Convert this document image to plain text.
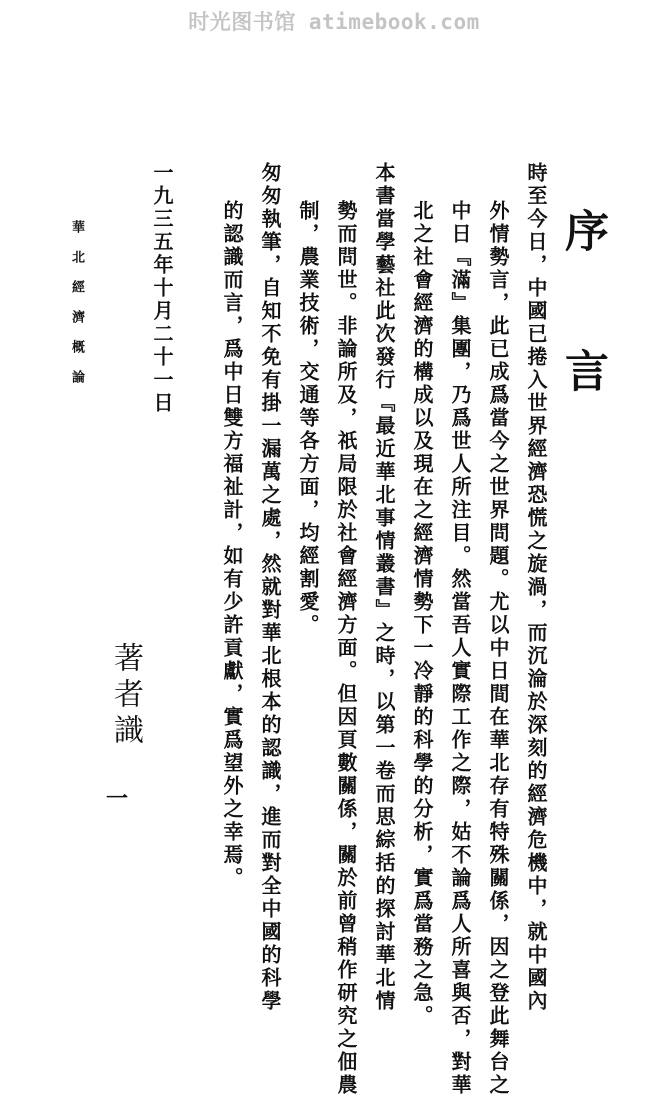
时光图书馆 atimebook.com
序　言
時至今日，中國已捲入世界經濟恐慌之旋渦，而沉淪於深刻的經濟危機中，就中國內
外情勢言，此已成爲當今之世界問題。尤以中日間在華北存有特殊關係，因之登此舞台之
中日『滿』集團，乃爲世人所注目。然當吾人實際工作之際，姑不論爲人所喜與否，對華
北之社會經濟的構成以及現在之經濟情勢下一冷靜的科學的分析，實爲當務之急。
本書當學藝社此次發行『最近華北事情叢書』之時，以第一卷而思綜括的探討華北情
勢而問世。非論所及，祇局限於社會經濟方面。但因頁數關係，關於前曾稍作研究之佃農
制，農業技術，交通等各方面，均經割愛。
匆匆執筆，自知不免有掛一漏萬之處，然就對華北根本的認識，進而對全中國的科學
的認識而言，爲中日雙方福祉計，如有少許貢獻，實爲望外之幸焉。
一九三五年十月二十一日
著者識
華北經濟概論
一
